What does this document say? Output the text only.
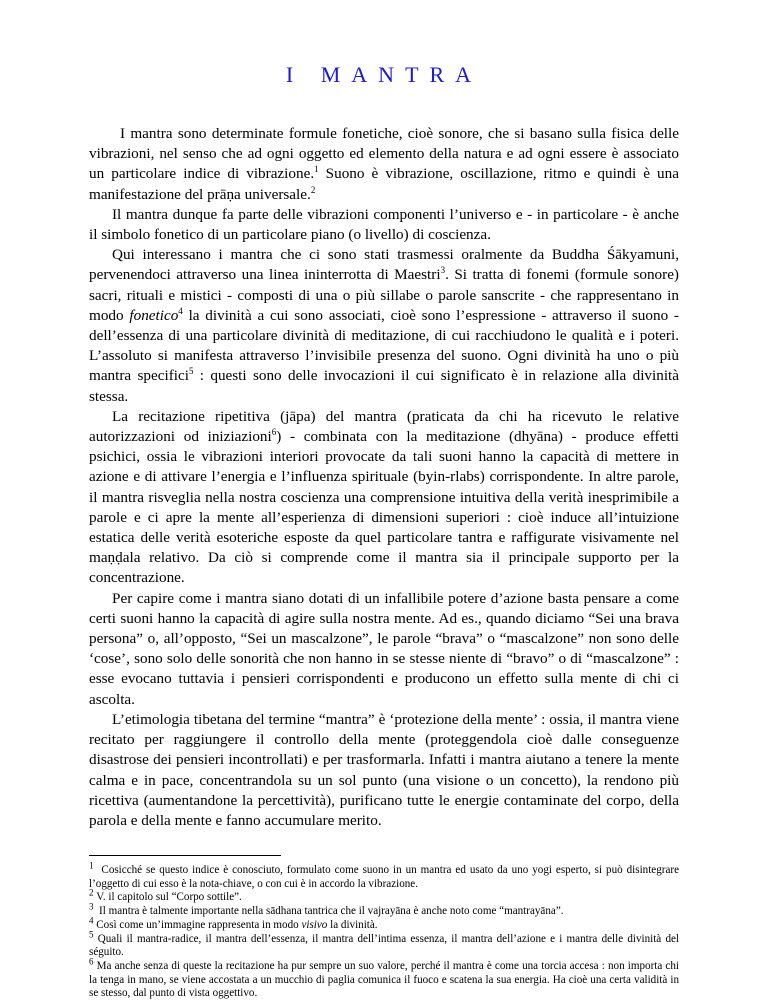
I MANTRA

I mantra sono determinate formule fonetiche, cioè sonore, che si basano sulla fisica delle vibrazioni, nel senso che ad ogni oggetto ed elemento della natura e ad ogni essere è associato un particolare indice di vibrazione.$^1$ Suono è vibrazione, oscillazione, ritmo e quindi è una manifestazione del prāṇa universale.$^2$

Il mantra dunque fa parte delle vibrazioni componenti l’universo e - in particolare - è anche il simbolo fonetico di un particolare piano (o livello) di coscienza.

Qui interessano i mantra che ci sono stati trasmessi oralmente da Buddha Śākyamuni, pervenendoci attraverso una linea ininterrotta di Maestri$^3$. Si tratta di fonemi (formule sonore) sacri, rituali e mistici - composti di una o più sillabe o parole sanscrite - che rappresentano in modo fonetico$^4$ la divinità a cui sono associati, cioè sono l’espressione - attraverso il suono - dell’essenza di una particolare divinità di meditazione, di cui racchiudono le qualità e i poteri. L’assoluto si manifesta attraverso l’invisibile presenza del suono. Ogni divinità ha uno o più mantra specifici$^5$ : questi sono delle invocazioni il cui significato è in relazione alla divinità stessa.

La recitazione ripetitiva (jāpa) del mantra (praticata da chi ha ricevuto le relative autorizzazioni od iniziazioni$^6$) - combinata con la meditazione (dhyāna) - produce effetti psichici, ossia le vibrazioni interiori provocate da tali suoni hanno la capacità di mettere in azione e di attivare l’energia e l’influenza spirituale (byin-rlabs) corrispondente. In altre parole, il mantra risveglia nella nostra coscienza una comprensione intuitiva della verità inesprimibile a parole e ci apre la mente all’esperienza di dimensioni superiori : cioè induce all’intuizione estatica delle verità esoteriche esposte da quel particolare tantra e raffigurate visivamente nel maṇḍala relativo. Da ciò si comprende come il mantra sia il principale supporto per la concentrazione.

Per capire come i mantra siano dotati di un infallibile potere d’azione basta pensare a come certi suoni hanno la capacità di agire sulla nostra mente. Ad es., quando diciamo “Sei una brava persona” o, all’opposto, “Sei un mascalzone”, le parole “brava” o “mascalzone” non sono delle ‘cose’, sono solo delle sonorità che non hanno in se stesse niente di “bravo” o di “mascalzone” : esse evocano tuttavia i pensieri corrispondenti e producono un effetto sulla mente di chi ci ascolta.

L’etimologia tibetana del termine “mantra” è ‘protezione della mente’ : ossia, il mantra viene recitato per raggiungere il controllo della mente (proteggendola cioè dalle conseguenze disastrose dei pensieri incontrollati) e per trasformarla. Infatti i mantra aiutano a tenere la mente calma e in pace, concentrandola su un sol punto (una visione o un concetto), la rendono più ricettiva (aumentandone la percettività), purificano tutte le energie contaminate del corpo, della parola e della mente e fanno accumulare merito.

$^1$ Cosicché se questo indice è conosciuto, formulato come suono in un mantra ed usato da uno yogi esperto, si può disintegrare l’oggetto di cui esso è la nota-chiave, o con cui è in accordo la vibrazione.
$^2$ V. il capitolo sul “Corpo sottile”.
$^3$ Il mantra è talmente importante nella sādhana tantrica che il vajrayāna è anche noto come “mantrayāna”.
$^4$ Così come un’immagine rappresenta in modo visivo la divinità.
$^5$ Quali il mantra-radice, il mantra dell’essenza, il mantra dell’intima essenza, il mantra dell’azione e i mantra delle divinità del séguito.
$^6$ Ma anche senza di queste la recitazione ha pur sempre un suo valore, perché il mantra è come una torcia accesa : non importa chi la tenga in mano, se viene accostata a un mucchio di paglia comunica il fuoco e scatena la sua energia. Ha cioè una certa validità in se stesso, dal punto di vista oggettivo.
